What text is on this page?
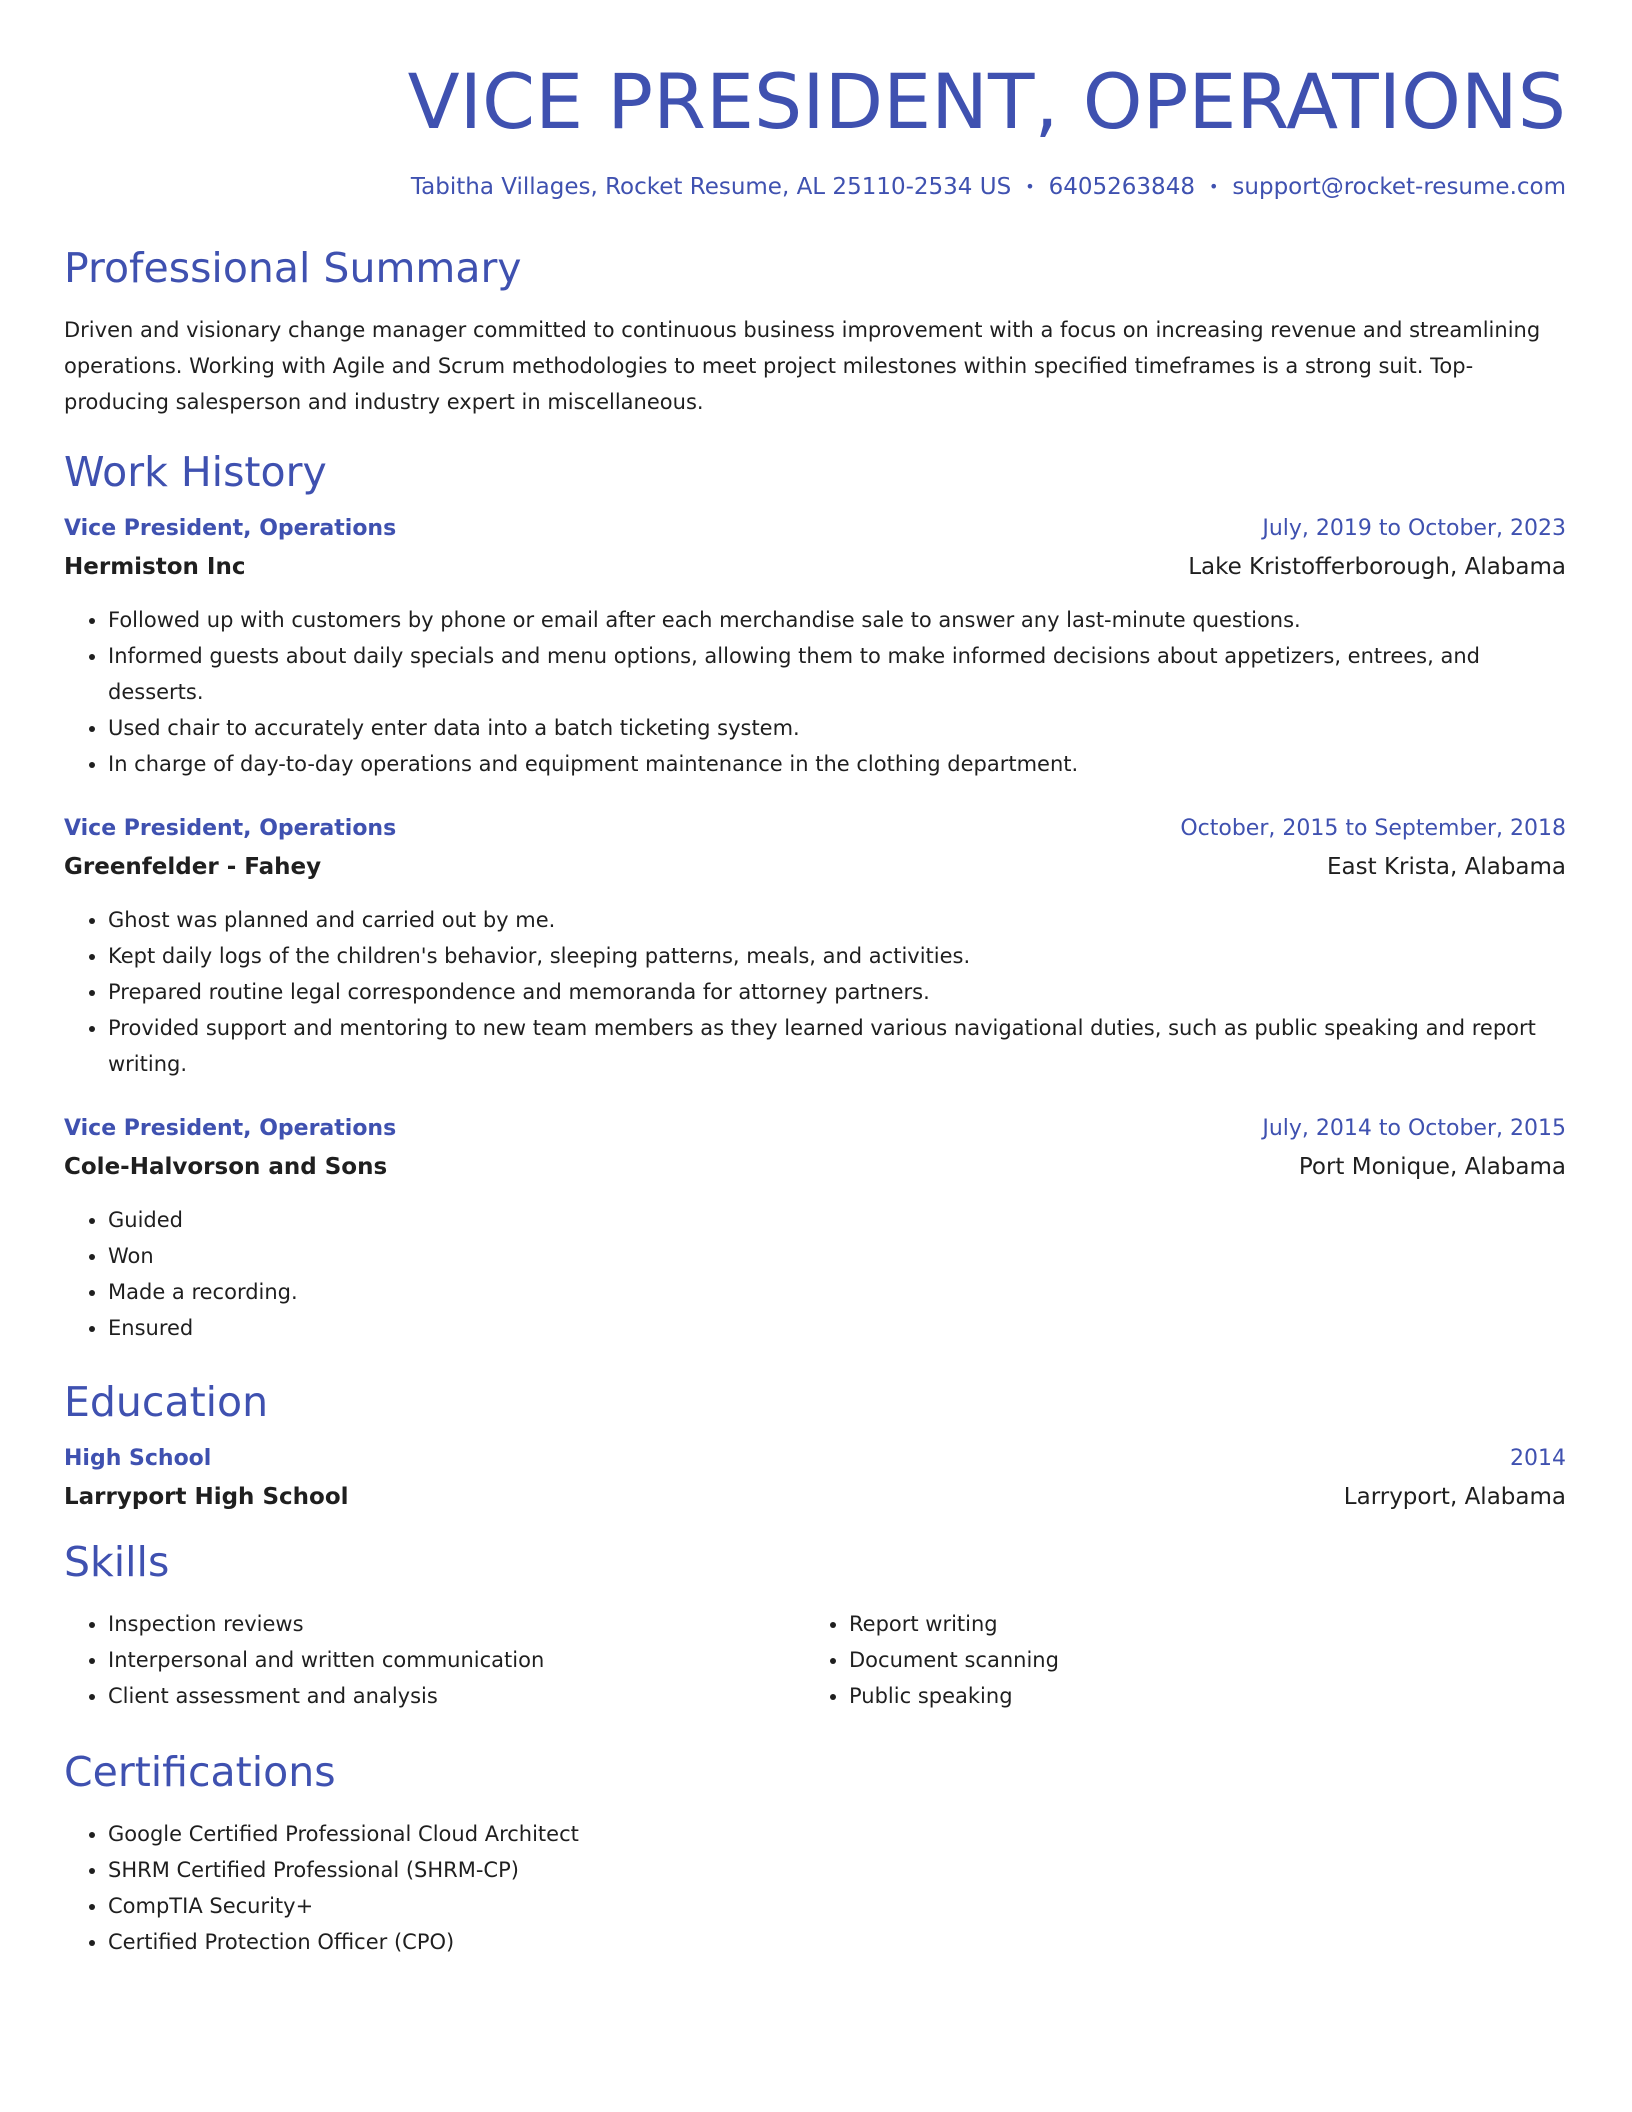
VICE PRESIDENT, OPERATIONS
Tabitha Villages, Rocket Resume, AL 25110-2534 US • 6405263848 • support@rocket-resume.com
Professional Summary

Driven and visionary change manager committed to continuous business improvement with a focus on increasing revenue and streamlining operations. Working with Agile and Scrum methodologies to meet project milestones within specified timeframes is a strong suit. Top-producing salesperson and industry expert in miscellaneous.

Work History
Vice President, Operations	July, 2019 to October, 2023
Hermiston Inc	Lake Kristofferborough, Alabama
• Followed up with customers by phone or email after each merchandise sale to answer any last-minute questions.
• Informed guests about daily specials and menu options, allowing them to make informed decisions about appetizers, entrees, and desserts.
• Used chair to accurately enter data into a batch ticketing system.
• In charge of day-to-day operations and equipment maintenance in the clothing department.
Vice President, Operations	October, 2015 to September, 2018
Greenfelder - Fahey	East Krista, Alabama
• Ghost was planned and carried out by me.
• Kept daily logs of the children's behavior, sleeping patterns, meals, and activities.
• Prepared routine legal correspondence and memoranda for attorney partners.
• Provided support and mentoring to new team members as they learned various navigational duties, such as public speaking and report writing.
Vice President, Operations	July, 2014 to October, 2015
Cole-Halvorson and Sons	Port Monique, Alabama
• Guided
• Won
• Made a recording.
• Ensured
Education
High School	2014
Larryport High School	Larryport, Alabama
Skills
• Inspection reviews
• Interpersonal and written communication
• Client assessment and analysis
• Report writing
• Document scanning
• Public speaking
Certifications
• Google Certified Professional Cloud Architect
• SHRM Certified Professional (SHRM-CP)
• CompTIA Security+
• Certified Protection Officer (CPO)
